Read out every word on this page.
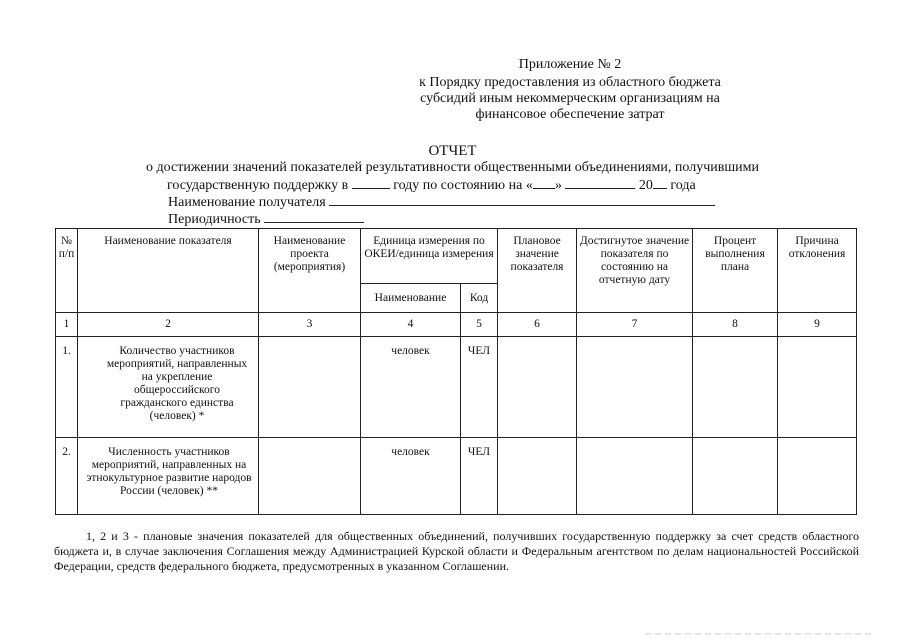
Приложение № 2
к Порядку предоставления из областного бюджета
субсидий иным некоммерческим организациям на
финансовое обеспечение затрат
ОТЧЕТ
о достижении значений показателей результативности общественными объединениями, получившими
государственную поддержку в	году по состоянию на « »	20 года
Наименование получателя
Периодичность
№ п/п	Наименование показателя	Наименование проекта (мероприятия)	Единица измерения по ОКЕИ/единица измерения		Плановое значение показателя	Достигнутое значение показателя по состоянию на отчетную дату	Процент выполнения плана	Причина отклонения
			Наименование	Код				
1	2	3	4	5	6	7	8	9
1.	Количество участников мероприятий, направленных на укрепление общероссийского гражданского единства (человек) *		человек	ЧЕЛ				
2.	Численность участников мероприятий, направленных на этнокультурное развитие народов России (человек) **		человек	ЧЕЛ				
1, 2 и 3 - плановые значения показателей для общественных объединений, получивших государственную поддержку за счет средств областного бюджета и, в случае заключения Соглашения между Администрацией Курской области и Федеральным агентством по делам национальностей Российской Федерации, средств федерального бюджета, предусмотренных в указанном Соглашении.
